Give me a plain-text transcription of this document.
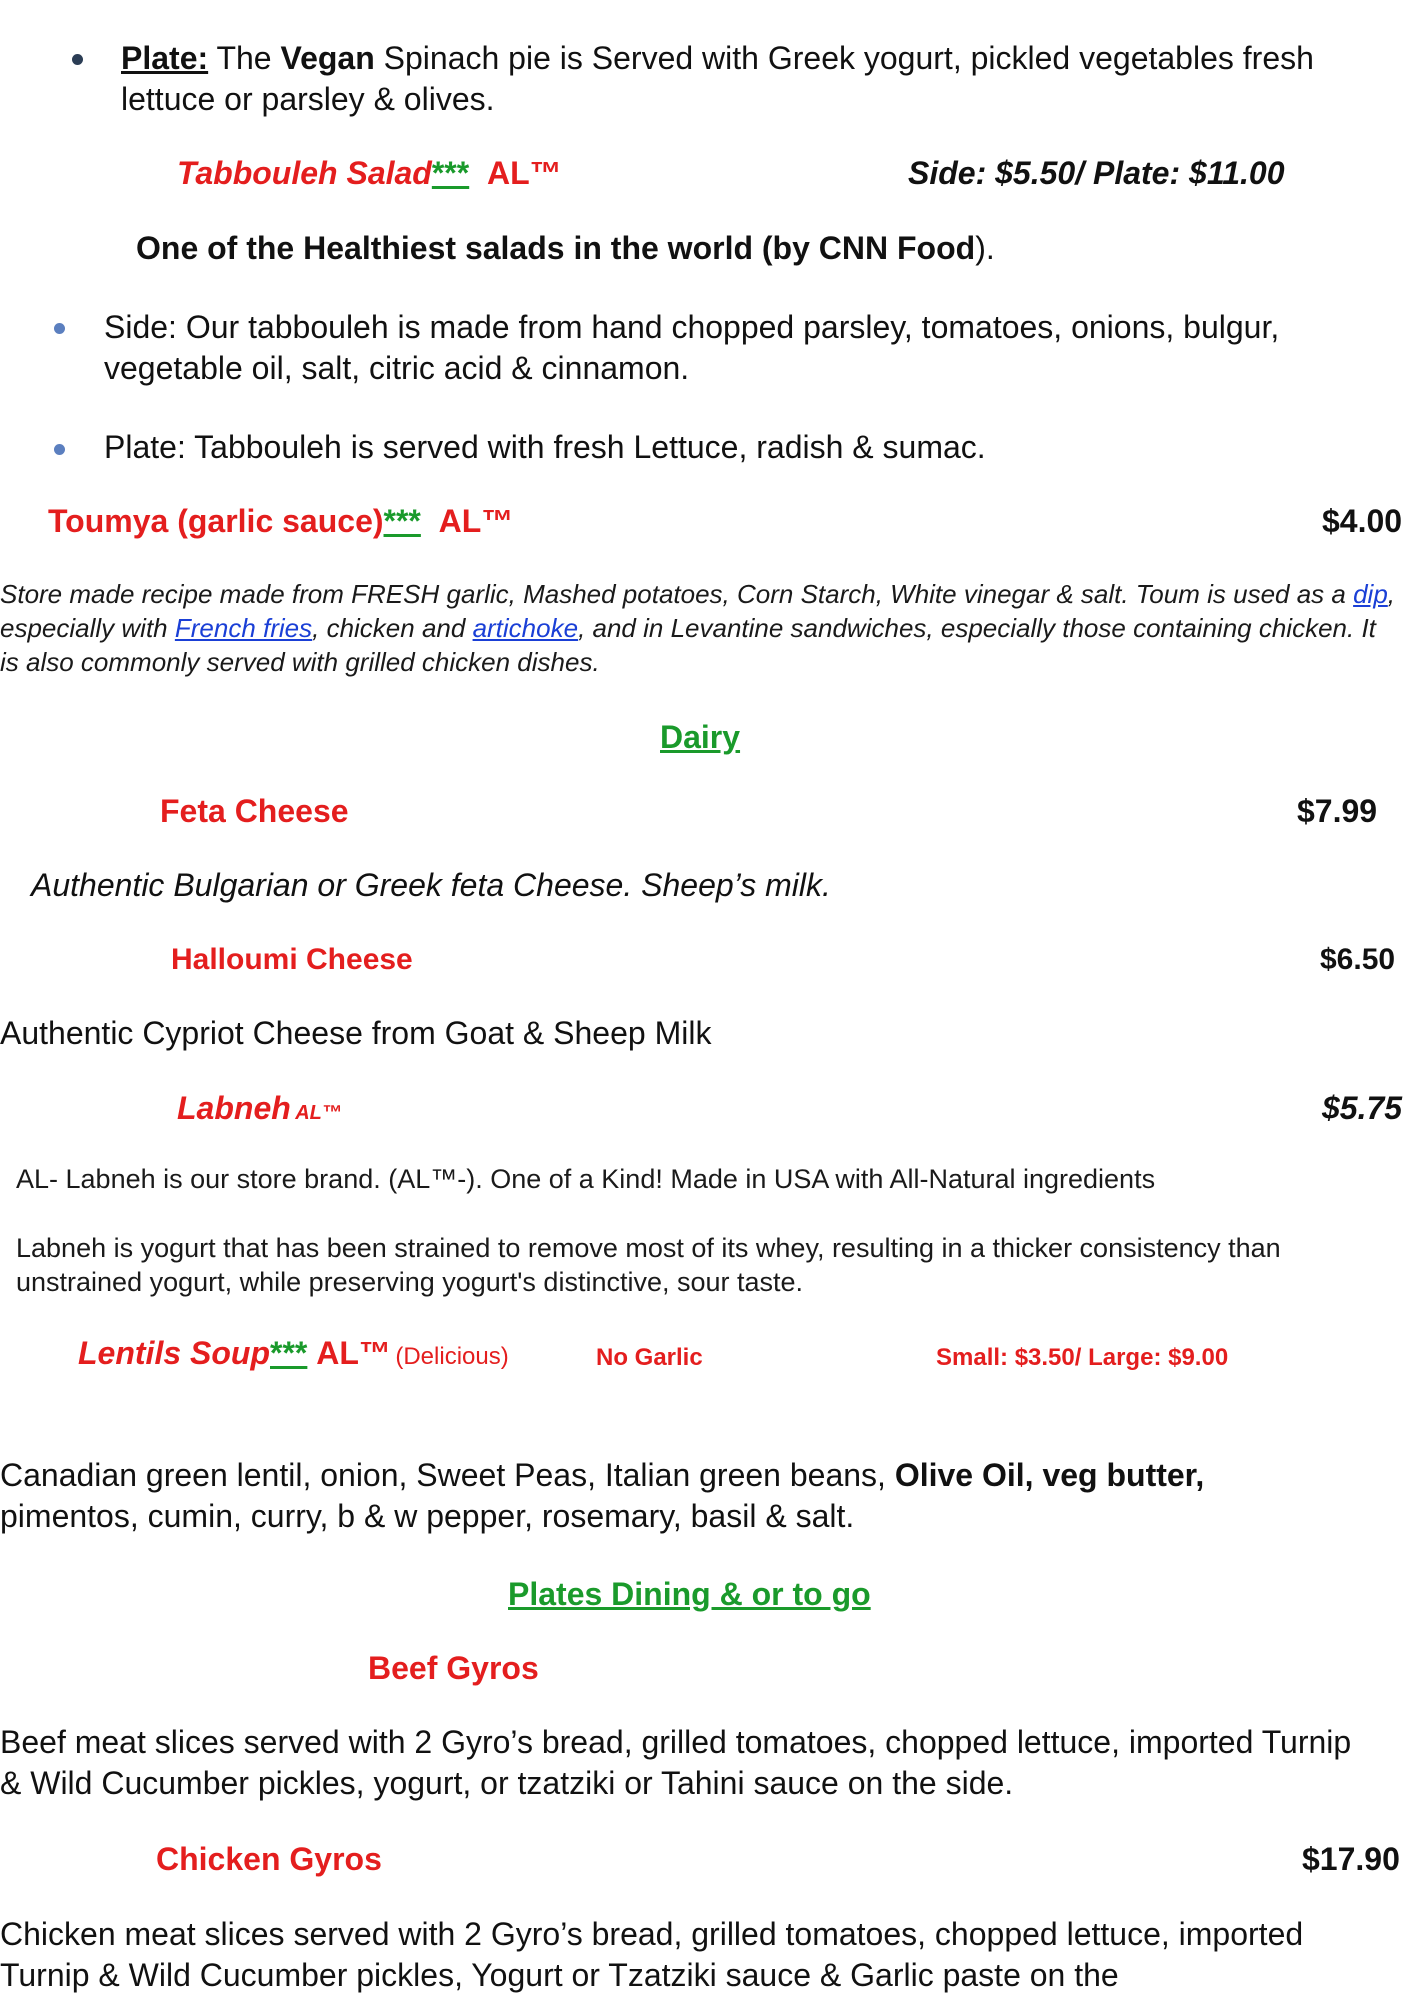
Plate: The Vegan Spinach pie is Served with Greek yogurt, pickled vegetables fresh lettuce or parsley & olives.
Tabbouleh Salad*** AL™	Side: $5.50/ Plate: $11.00
One of the Healthiest salads in the world (by CNN Food).
Side: Our tabbouleh is made from hand chopped parsley, tomatoes, onions, bulgur, vegetable oil, salt, citric acid & cinnamon.
Plate: Tabbouleh is served with fresh Lettuce, radish & sumac.
Toumya (garlic sauce)*** AL™	$4.00
Store made recipe made from FRESH garlic, Mashed potatoes, Corn Starch, White vinegar & salt. Toum is used as a dip, especially with French fries, chicken and artichoke, and in Levantine sandwiches, especially those containing chicken. It is also commonly served with grilled chicken dishes.
Dairy
Feta Cheese	$7.99
Authentic Bulgarian or Greek feta Cheese. Sheep’s milk.
Halloumi Cheese	$6.50
Authentic Cypriot Cheese from Goat & Sheep Milk
Labneh AL™	$5.75
AL- Labneh is our store brand. (AL™-). One of a Kind! Made in USA with All-Natural ingredients
Labneh is yogurt that has been strained to remove most of its whey, resulting in a thicker consistency than unstrained yogurt, while preserving yogurt's distinctive, sour taste.
Lentils Soup*** AL™ (Delicious)	No Garlic	Small: $3.50/ Large: $9.00
Canadian green lentil, onion, Sweet Peas, Italian green beans, Olive Oil, veg butter, pimentos, cumin, curry, b & w pepper, rosemary, basil & salt.
Plates Dining & or to go
Beef Gyros
Beef meat slices served with 2 Gyro’s bread, grilled tomatoes, chopped lettuce, imported Turnip & Wild Cucumber pickles, yogurt, or tzatziki or Tahini sauce on the side.
Chicken Gyros	$17.90
Chicken meat slices served with 2 Gyro’s bread, grilled tomatoes, chopped lettuce, imported Turnip & Wild Cucumber pickles, Yogurt or Tzatziki sauce & Garlic paste on the
